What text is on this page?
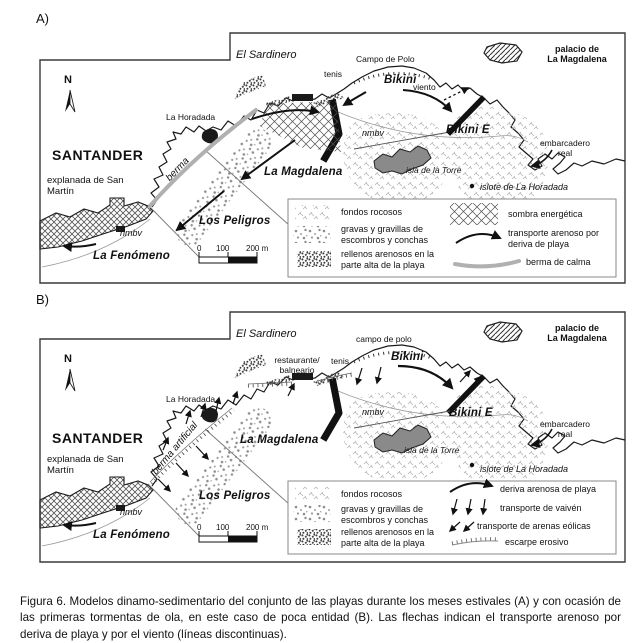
A)
N
El Sardinero	Campo de Polo
tenis	Bikini
viento
palacio de
La Magdalena
Bikini E
embarcadero
real
nmbv
isla de la Torre
islote de La Horadada
La Horadada
berma
SANTANDER
explanada de San Martín
La Magdalena
Los Peligros
nmbv
La Fenómeno
0 100 200 m
fondos rocosos
gravas y gravillas de escombros y conchas
rellenos arenosos en la parte alta de la playa
sombra energética
transporte arenoso por deriva de playa
berma de calma
B)
N
El Sardinero
restaurante/
balneario
tenis
campo de polo
Bikini
palacio de
La Magdalena
Bikini E
embarcadero
real
nmbv
isla de la Torre
islote de La Horadada
La Horadada
berma artificial
SANTANDER
explanada de San Martín
La Magdalena
Los Peligros
nmbv
La Fenómeno
0 100 200 m
fondos rocosos
gravas y gravillas de escombros y conchas
rellenos arenosos en la parte alta de la playa
deriva arenosa de playa
transporte de vaivén
transporte de arenas eólicas
escarpe erosivo

Figura 6. Modelos dinamo-sedimentario del conjunto de las playas durante los meses estivales (A) y con ocasión de las primeras tormentas de ola, en este caso de poca entidad (B). Las flechas indican el transporte arenoso por deriva de playa y por el viento (líneas discontinuas).
